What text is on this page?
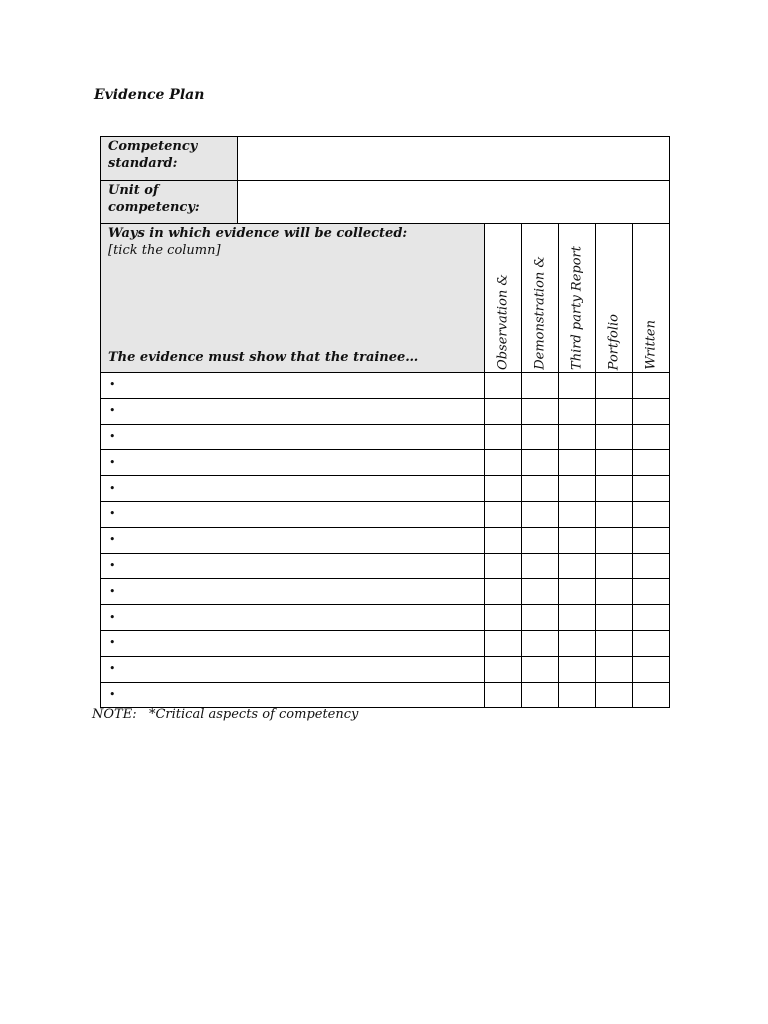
Evidence Plan
Competency standard:						
Unit of competency:						

Ways in which evidence will be collected:
[tick the column]
The evidence must show that the trainee…		Observation &	Demonstration &	Third party Report	Portfolio	Written

•						
•						
•						
•						
•						
•						
•						
•						
•						
•						
•						
•						
•						
NOTE:   *Critical aspects of competency
